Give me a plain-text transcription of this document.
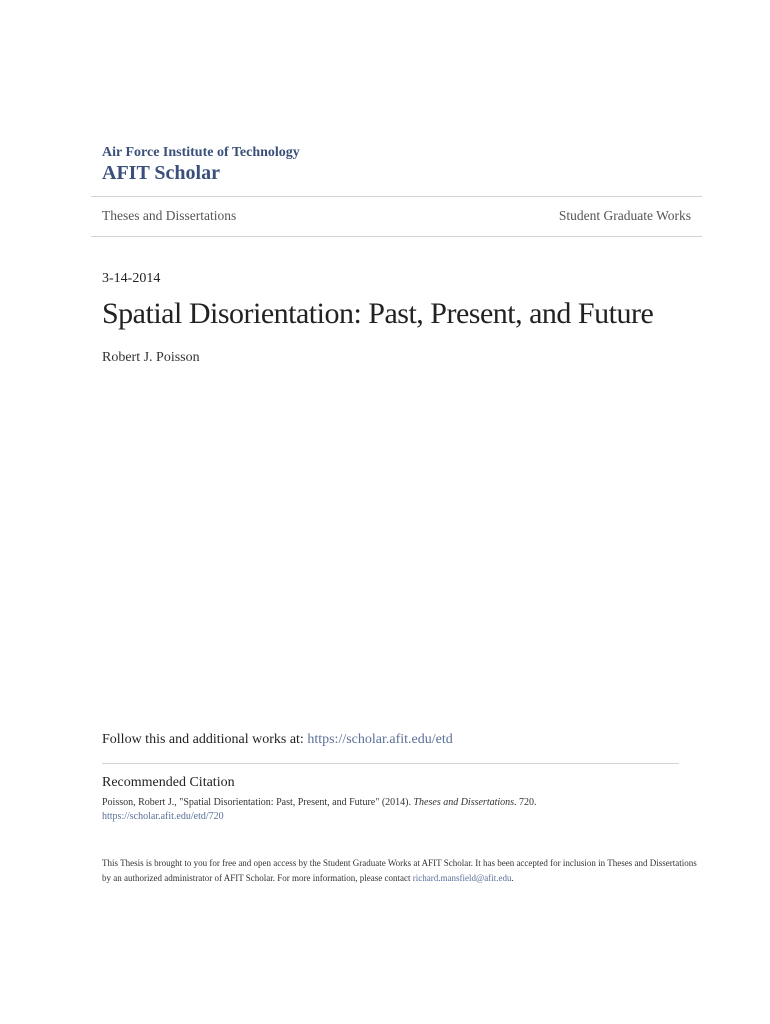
Air Force Institute of Technology
AFIT Scholar
Theses and Dissertations	Student Graduate Works
3-14-2014
Spatial Disorientation: Past, Present, and Future
Robert J. Poisson
Follow this and additional works at: https://scholar.afit.edu/etd
Recommended Citation
Poisson, Robert J., "Spatial Disorientation: Past, Present, and Future" (2014). Theses and Dissertations. 720.
https://scholar.afit.edu/etd/720
This Thesis is brought to you for free and open access by the Student Graduate Works at AFIT Scholar. It has been accepted for inclusion in Theses and Dissertations by an authorized administrator of AFIT Scholar. For more information, please contact richard.mansfield@afit.edu.
